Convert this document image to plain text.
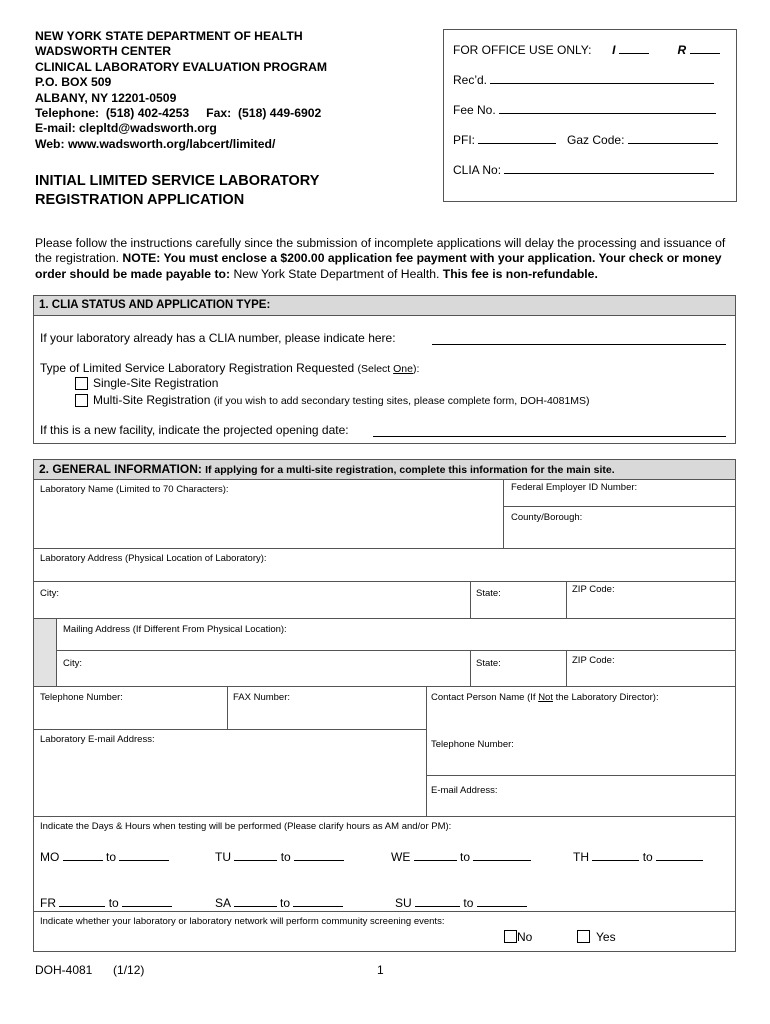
NEW YORK STATE DEPARTMENT OF HEALTH
WADSWORTH CENTER
CLINICAL LABORATORY EVALUATION PROGRAM
P.O. BOX 509
ALBANY, NY 12201-0509
Telephone:  (518) 402-4253     Fax:  (518) 449-6902
E-mail: clepltd@wadsworth.org
Web: www.wadsworth.org/labcert/limited/
FOR OFFICE USE ONLY: I	R
Rec’d.
Fee No.
PFI:	Gaz Code:
CLIA No:
INITIAL LIMITED SERVICE LABORATORY
REGISTRATION APPLICATION
Please follow the instructions carefully since the submission of incomplete applications will delay the processing and issuance of the registration. NOTE: You must enclose a $200.00 application fee payment with your application. Your check or money order should be made payable to: New York State Department of Health. This fee is non-refundable.
1. CLIA STATUS AND APPLICATION TYPE:
If your laboratory already has a CLIA number, please indicate here:
Type of Limited Service Laboratory Registration Requested (Select One):
Single-Site Registration
Multi-Site Registration (if you wish to add secondary testing sites, please complete form, DOH-4081MS)
If this is a new facility, indicate the projected opening date:
2. GENERAL INFORMATION: If applying for a multi-site registration, complete this information for the main site.
Laboratory Name (Limited to 70 Characters):	Federal Employer ID Number:
County/Borough:
Laboratory Address (Physical Location of Laboratory):
City:	State:	ZIP Code:
Mailing Address (If Different From Physical Location):
City:	State:	ZIP Code:
Telephone Number:	FAX Number:	Contact Person Name (If Not the Laboratory Director):
Laboratory E-mail Address:	Telephone Number:
E-mail Address:
Indicate the Days & Hours when testing will be performed (Please clarify hours as AM and/or PM):
MO	to	TU	to	WE	to	TH	to
FR	to	SA	to	SU	to
Indicate whether your laboratory or laboratory network will perform community screening events:
No	Yes
DOH-4081 (1/12)	1
